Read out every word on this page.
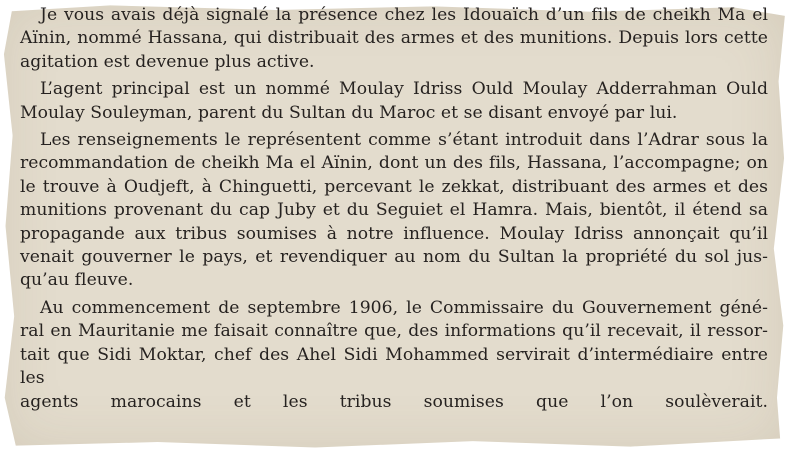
Je vous avais déjà signalé la présence chez les Idouaïch d’un fils de cheikh Ma el
Aïnin, nommé Hassana, qui distribuait des armes et des munitions. Depuis lors cette
agitation est devenue plus active.
L’agent principal est un nommé Moulay Idriss Ould Moulay Adderrahman Ould
Moulay Souleyman, parent du Sultan du Maroc et se disant envoyé par lui.
Les renseignements le représentent comme s’étant introduit dans l’Adrar sous la
recommandation de cheikh Ma el Aïnin, dont un des fils, Hassana, l’accompagne; on
le trouve à Oudjeft, à Chinguetti, percevant le zekkat, distribuant des armes et des
munitions provenant du cap Juby et du Seguiet el Hamra. Mais, bientôt, il étend sa
propagande aux tribus soumises à notre influence. Moulay Idriss annonçait qu’il
venait gouverner le pays, et revendiquer au nom du Sultan la propriété du sol jus-
qu’au fleuve.
Au commencement de septembre 1906, le Commissaire du Gouvernement géné-
ral en Mauritanie me faisait connaître que, des informations qu’il recevait, il ressor-
tait que Sidi Moktar, chef des Ahel Sidi Mohammed servirait d’intermédiaire entre les
agents marocains et les tribus soumises que l’on soulèverait.
